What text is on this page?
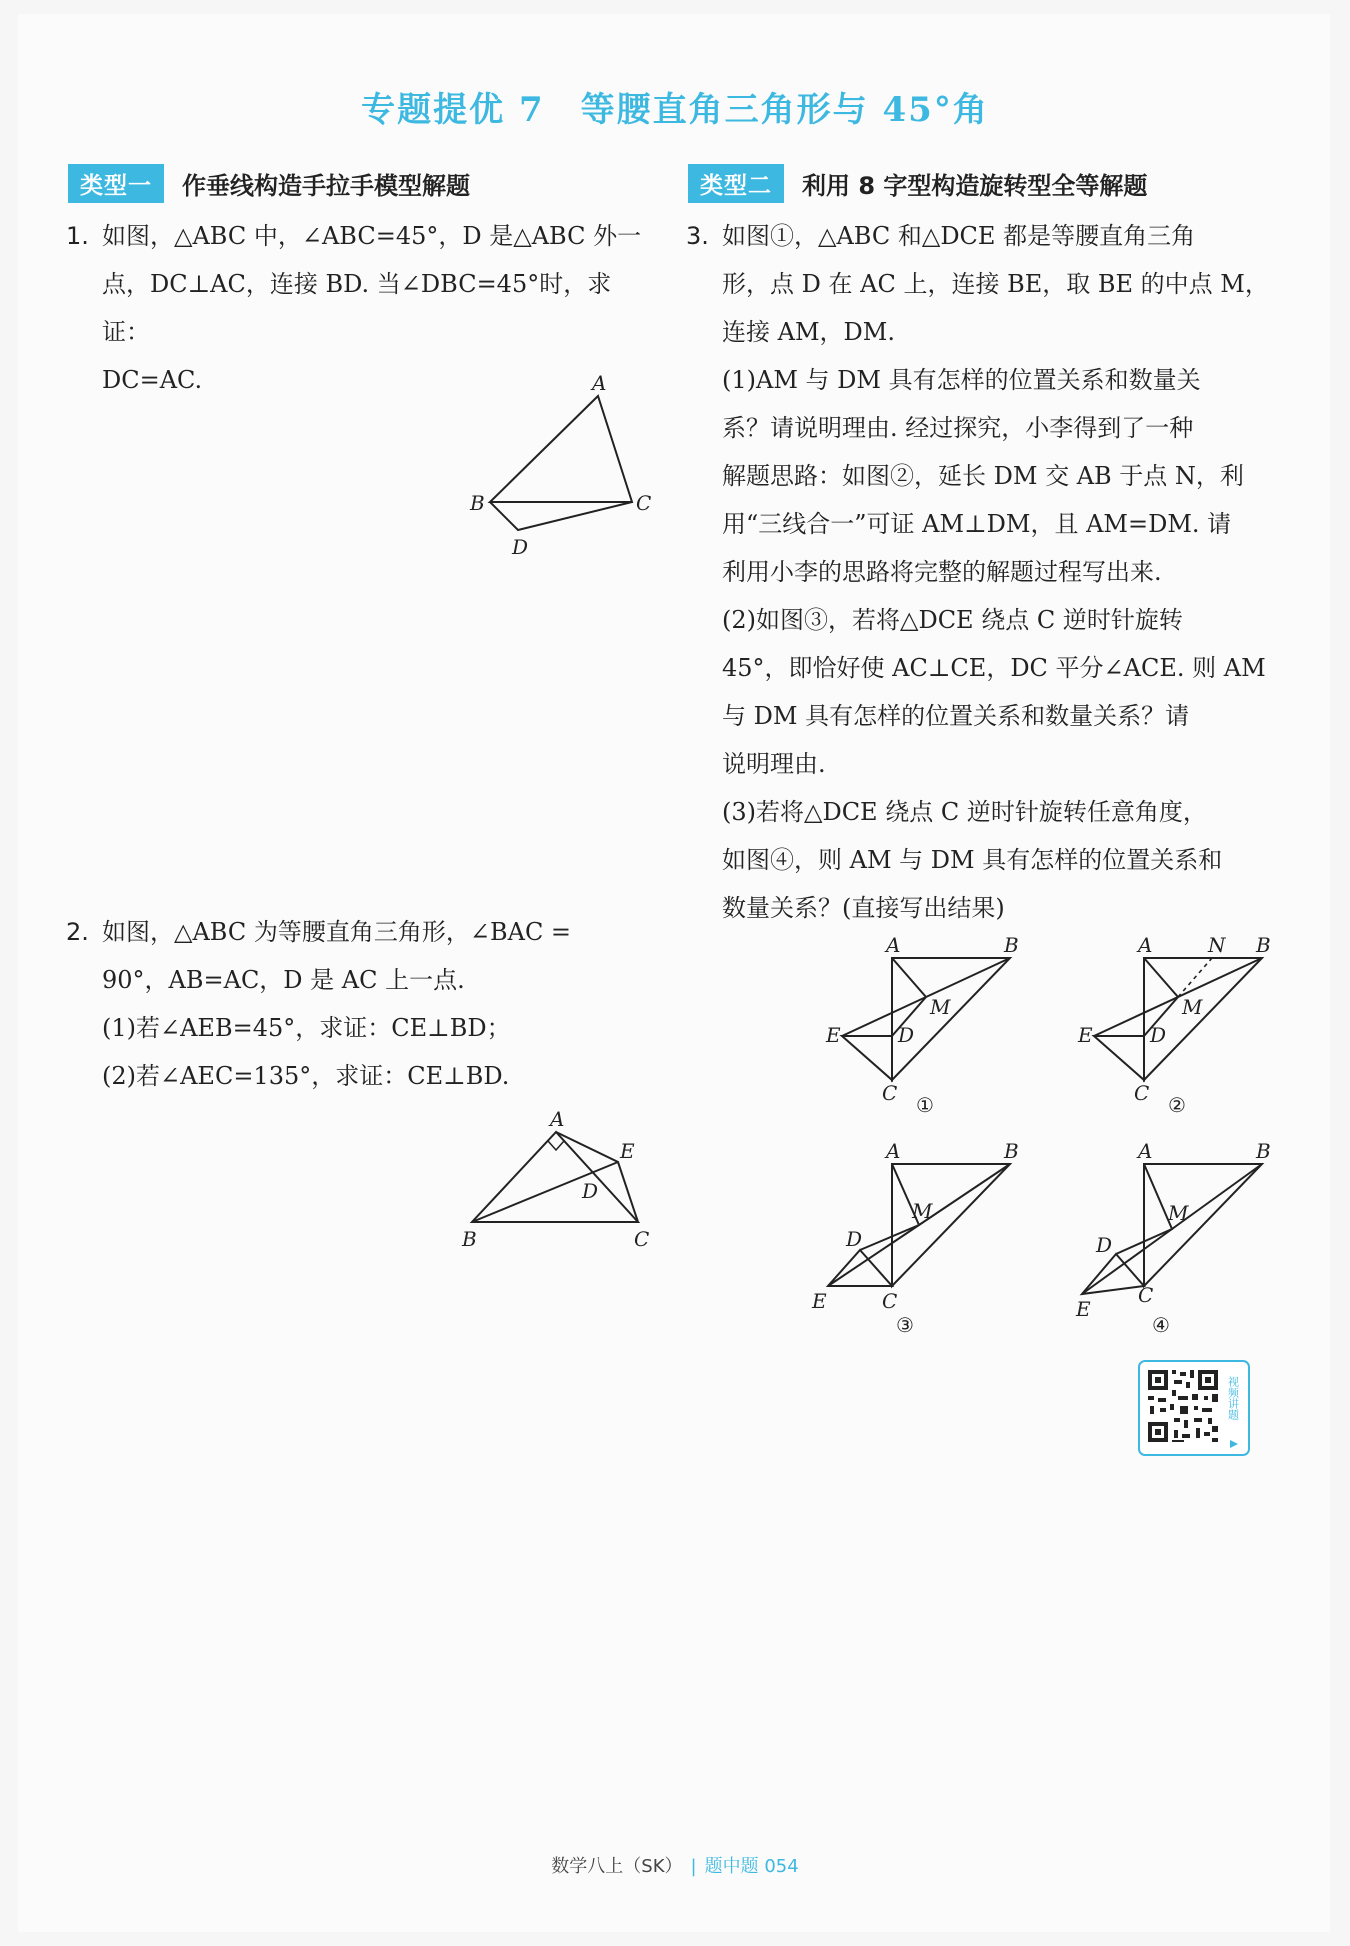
专题提优 7 等腰直角三角形与 45°角
类型一	作垂线构造手拉手模型解题	类型二	利用 8 字型构造旋转型全等解题
1. 如图，△ABC 中，∠ABC=45°，D 是△ABC 外一

点，DC⊥AC，连接 BD. 当∠DBC=45°时，求证：

DC=AC.	A
B	C
D
2. 如图，△ABC 为等腰直角三角形，∠BAC =

90°，AB=AC，D 是 AC 上一点.

(1)若∠AEB=45°，求证：CE⊥BD；

(2)若∠AEC=135°，求证：CE⊥BD.

A
B	C
D
E
3. 如图①，△ABC 和△DCE 都是等腰直角三角

形，点 D 在 AC 上，连接 BE，取 BE 的中点 M，

连接 AM，DM.

(1)AM 与 DM 具有怎样的位置关系和数量关

系？请说明理由. 经过探究，小李得到了一种

解题思路：如图②，延长 DM 交 AB 于点 N，利

用“三线合一”可证 AM⊥DM，且 AM=DM. 请

利用小李的思路将完整的解题过程写出来.

(2)如图③，若将△DCE 绕点 C 逆时针旋转

45°，即恰好使 AC⊥CE，DC 平分∠ACE. 则 AM

与 DM 具有怎样的位置关系和数量关系？请

说明理由.

(3)若将△DCE 绕点 C 逆时针旋转任意角度，

如图④，则 AM 与 DM 具有怎样的位置关系和

数量关系？(直接写出结果)

A	B
C
D
E
M
①
A	N B
C
D
E
M
②
A	B
C
D
E
M
③
A	B
C
D
E
M
④
视频讲题
数学八上（SK） | 题中题 054
